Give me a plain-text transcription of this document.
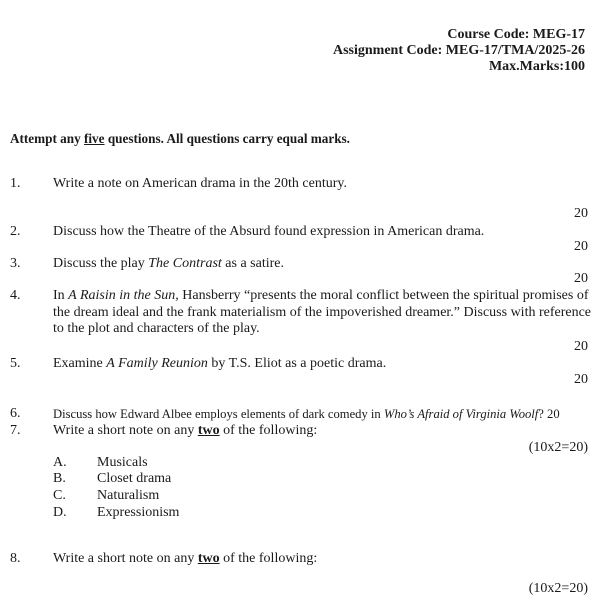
Course Code: MEG-17
Assignment Code: MEG-17/TMA/2025-26
Max.Marks:100
Attempt any five questions. All questions carry equal marks.
1. Write a note on American drama in the 20th century.
20
2. Discuss how the Theatre of the Absurd found expression in American drama.
20
3. Discuss the play The Contrast as a satire.
20
4. In A Raisin in the Sun, Hansberry “presents the moral conflict between the spiritual promises of the dream ideal and the frank materialism of the impoverished dreamer.” Discuss with reference to the plot and characters of the play.
20
5. Examine A Family Reunion by T.S. Eliot as a poetic drama.
20
6.	Discuss how Edward Albee employs elements of dark comedy in Who’s Afraid of Virginia Woolf? 20
7. Write a short note on any two of the following:
(10x2=20)
A. Musicals
B. Closet drama
C. Naturalism
D. Expressionism
8. Write a short note on any two of the following:
(10x2=20)
